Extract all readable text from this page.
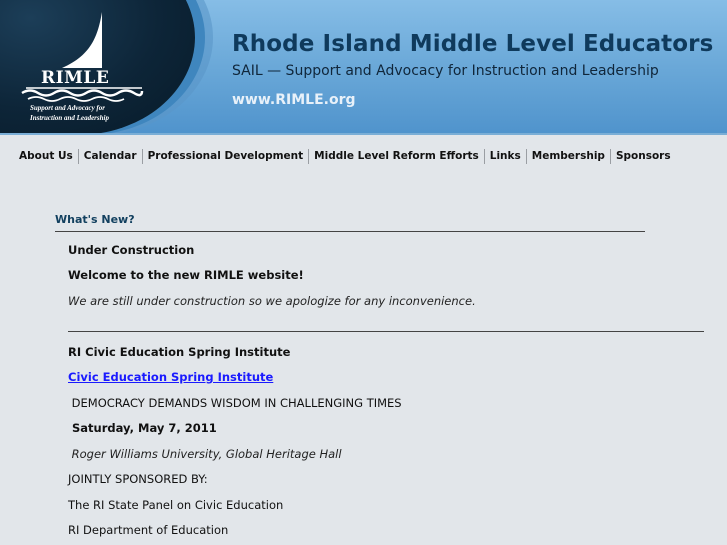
RIMLE
Support and Advocacy for
Instruction and Leadership
Rhode Island Middle Level Educators
SAIL — Support and Advocacy for Instruction and Leadership
www.RIMLE.org
About Us Calendar Professional Development Middle Level Reform Efforts Links Membership Sponsors
What's New?
Under Construction
Welcome to the new RIMLE website!
We are still under construction so we apologize for any inconvenience.
RI Civic Education Spring Institute
Civic Education Spring Institute
DEMOCRACY DEMANDS WISDOM IN CHALLENGING TIMES
Saturday, May 7, 2011
Roger Williams University, Global Heritage Hall
JOINTLY SPONSORED BY:
The RI State Panel on Civic Education
RI Department of Education
